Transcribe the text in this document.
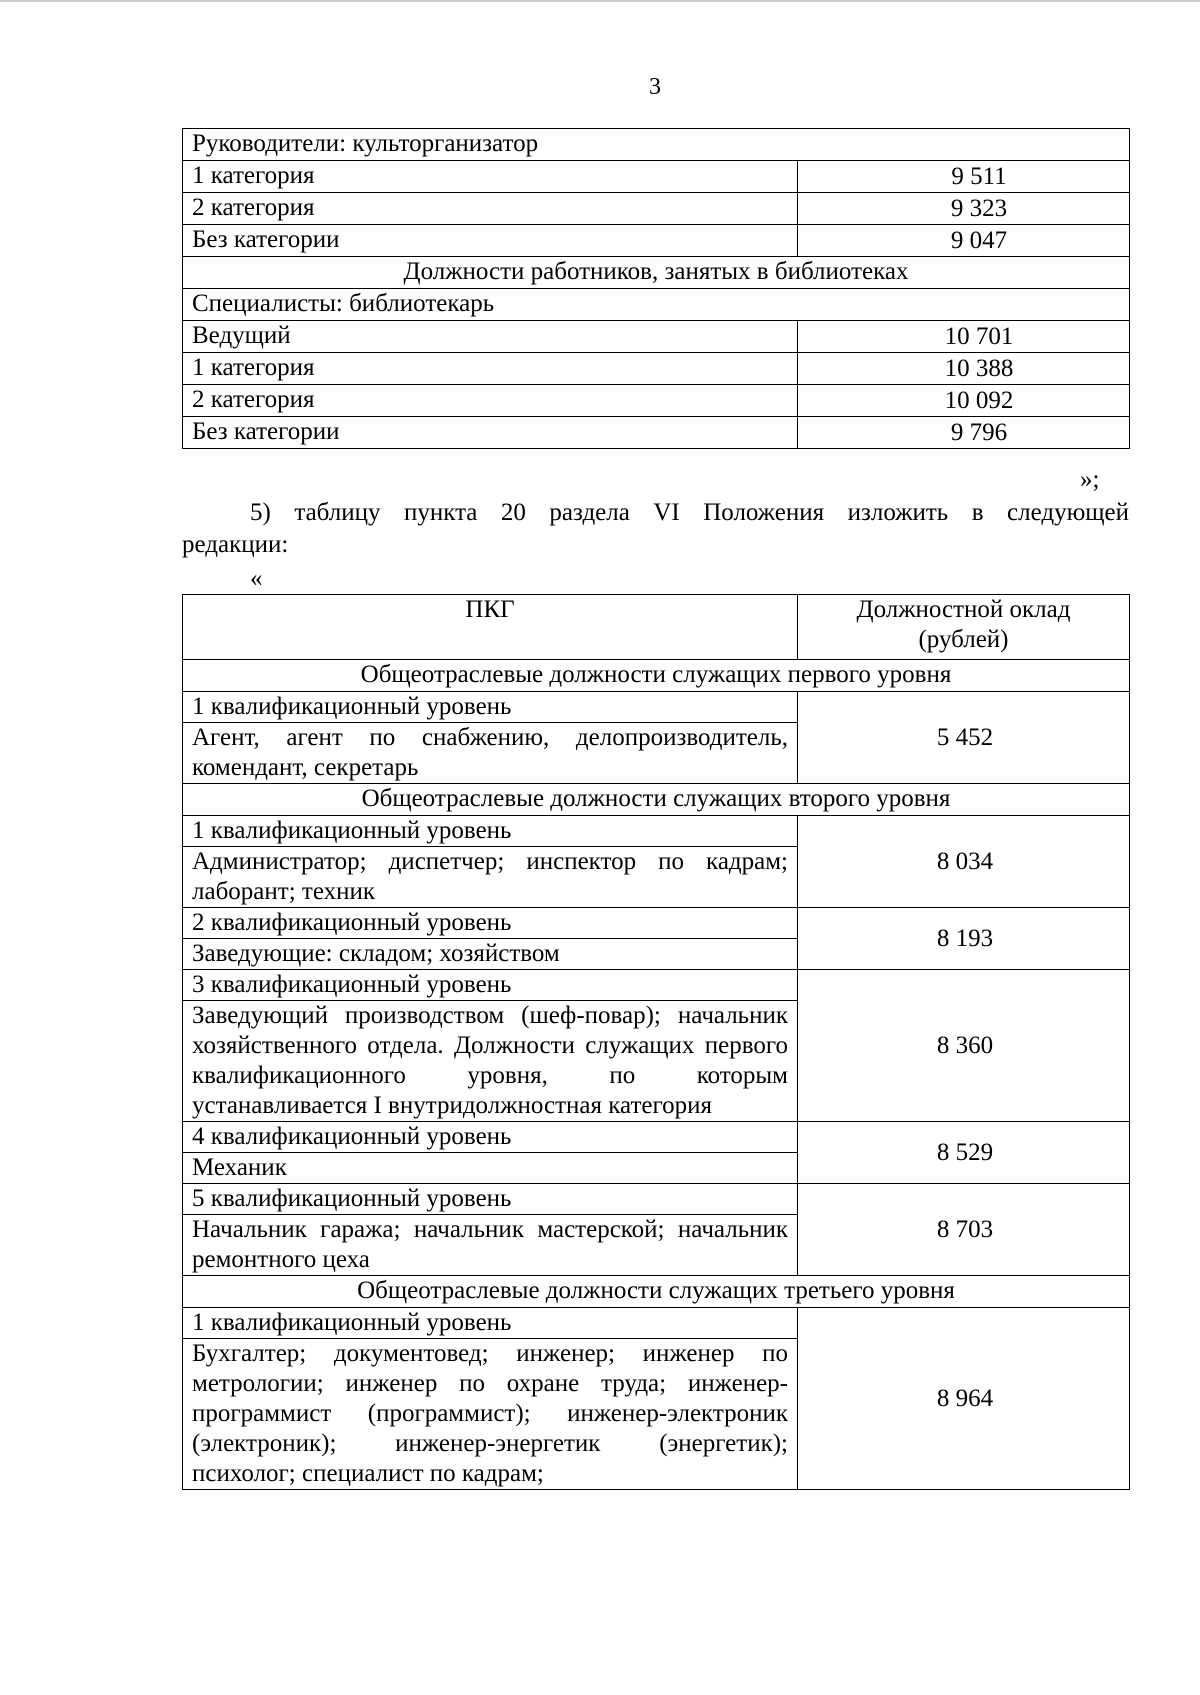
3
Руководители: культорганизатор	
1 категория	9 511
2 категория	9 323
Без категории	9 047
Должности работников, занятых в библиотеках	
Специалисты: библиотекарь	
Ведущий	10 701
1 категория	10 388
2 категория	10 092
Без категории	9 796
»;
5) таблицу пункта 20 раздела VI Положения изложить в следующей
редакции:
«
ПКГ	Должностной оклад
(рублей)
Общеотраслевые должности служащих первого уровня	
1 квалификационный уровень	5 452
Агент, агент по снабжению, делопроизводитель, комендант, секретарь	
Общеотраслевые должности служащих второго уровня	
1 квалификационный уровень	8 034
Администратор; диспетчер; инспектор по кадрам; лаборант; техник	
2 квалификационный уровень	8 193
Заведующие: складом; хозяйством	
3 квалификационный уровень	8 360
Заведующий производством (шеф-повар); начальник хозяйственного отдела. Должности служащих первого квалификационного уровня, по которым устанавливается I внутридолжностная категория	
4 квалификационный уровень	8 529
Механик	
5 квалификационный уровень	8 703
Начальник гаража; начальник мастерской; начальник ремонтного цеха	
Общеотраслевые должности служащих третьего уровня	
1 квалификационный уровень	8 964
Бухгалтер; документовед; инженер; инженер по метрологии; инженер по охране труда; инженер-программист (программист); инженер-электроник (электроник); инженер-энергетик (энергетик); психолог; специалист по кадрам;	
